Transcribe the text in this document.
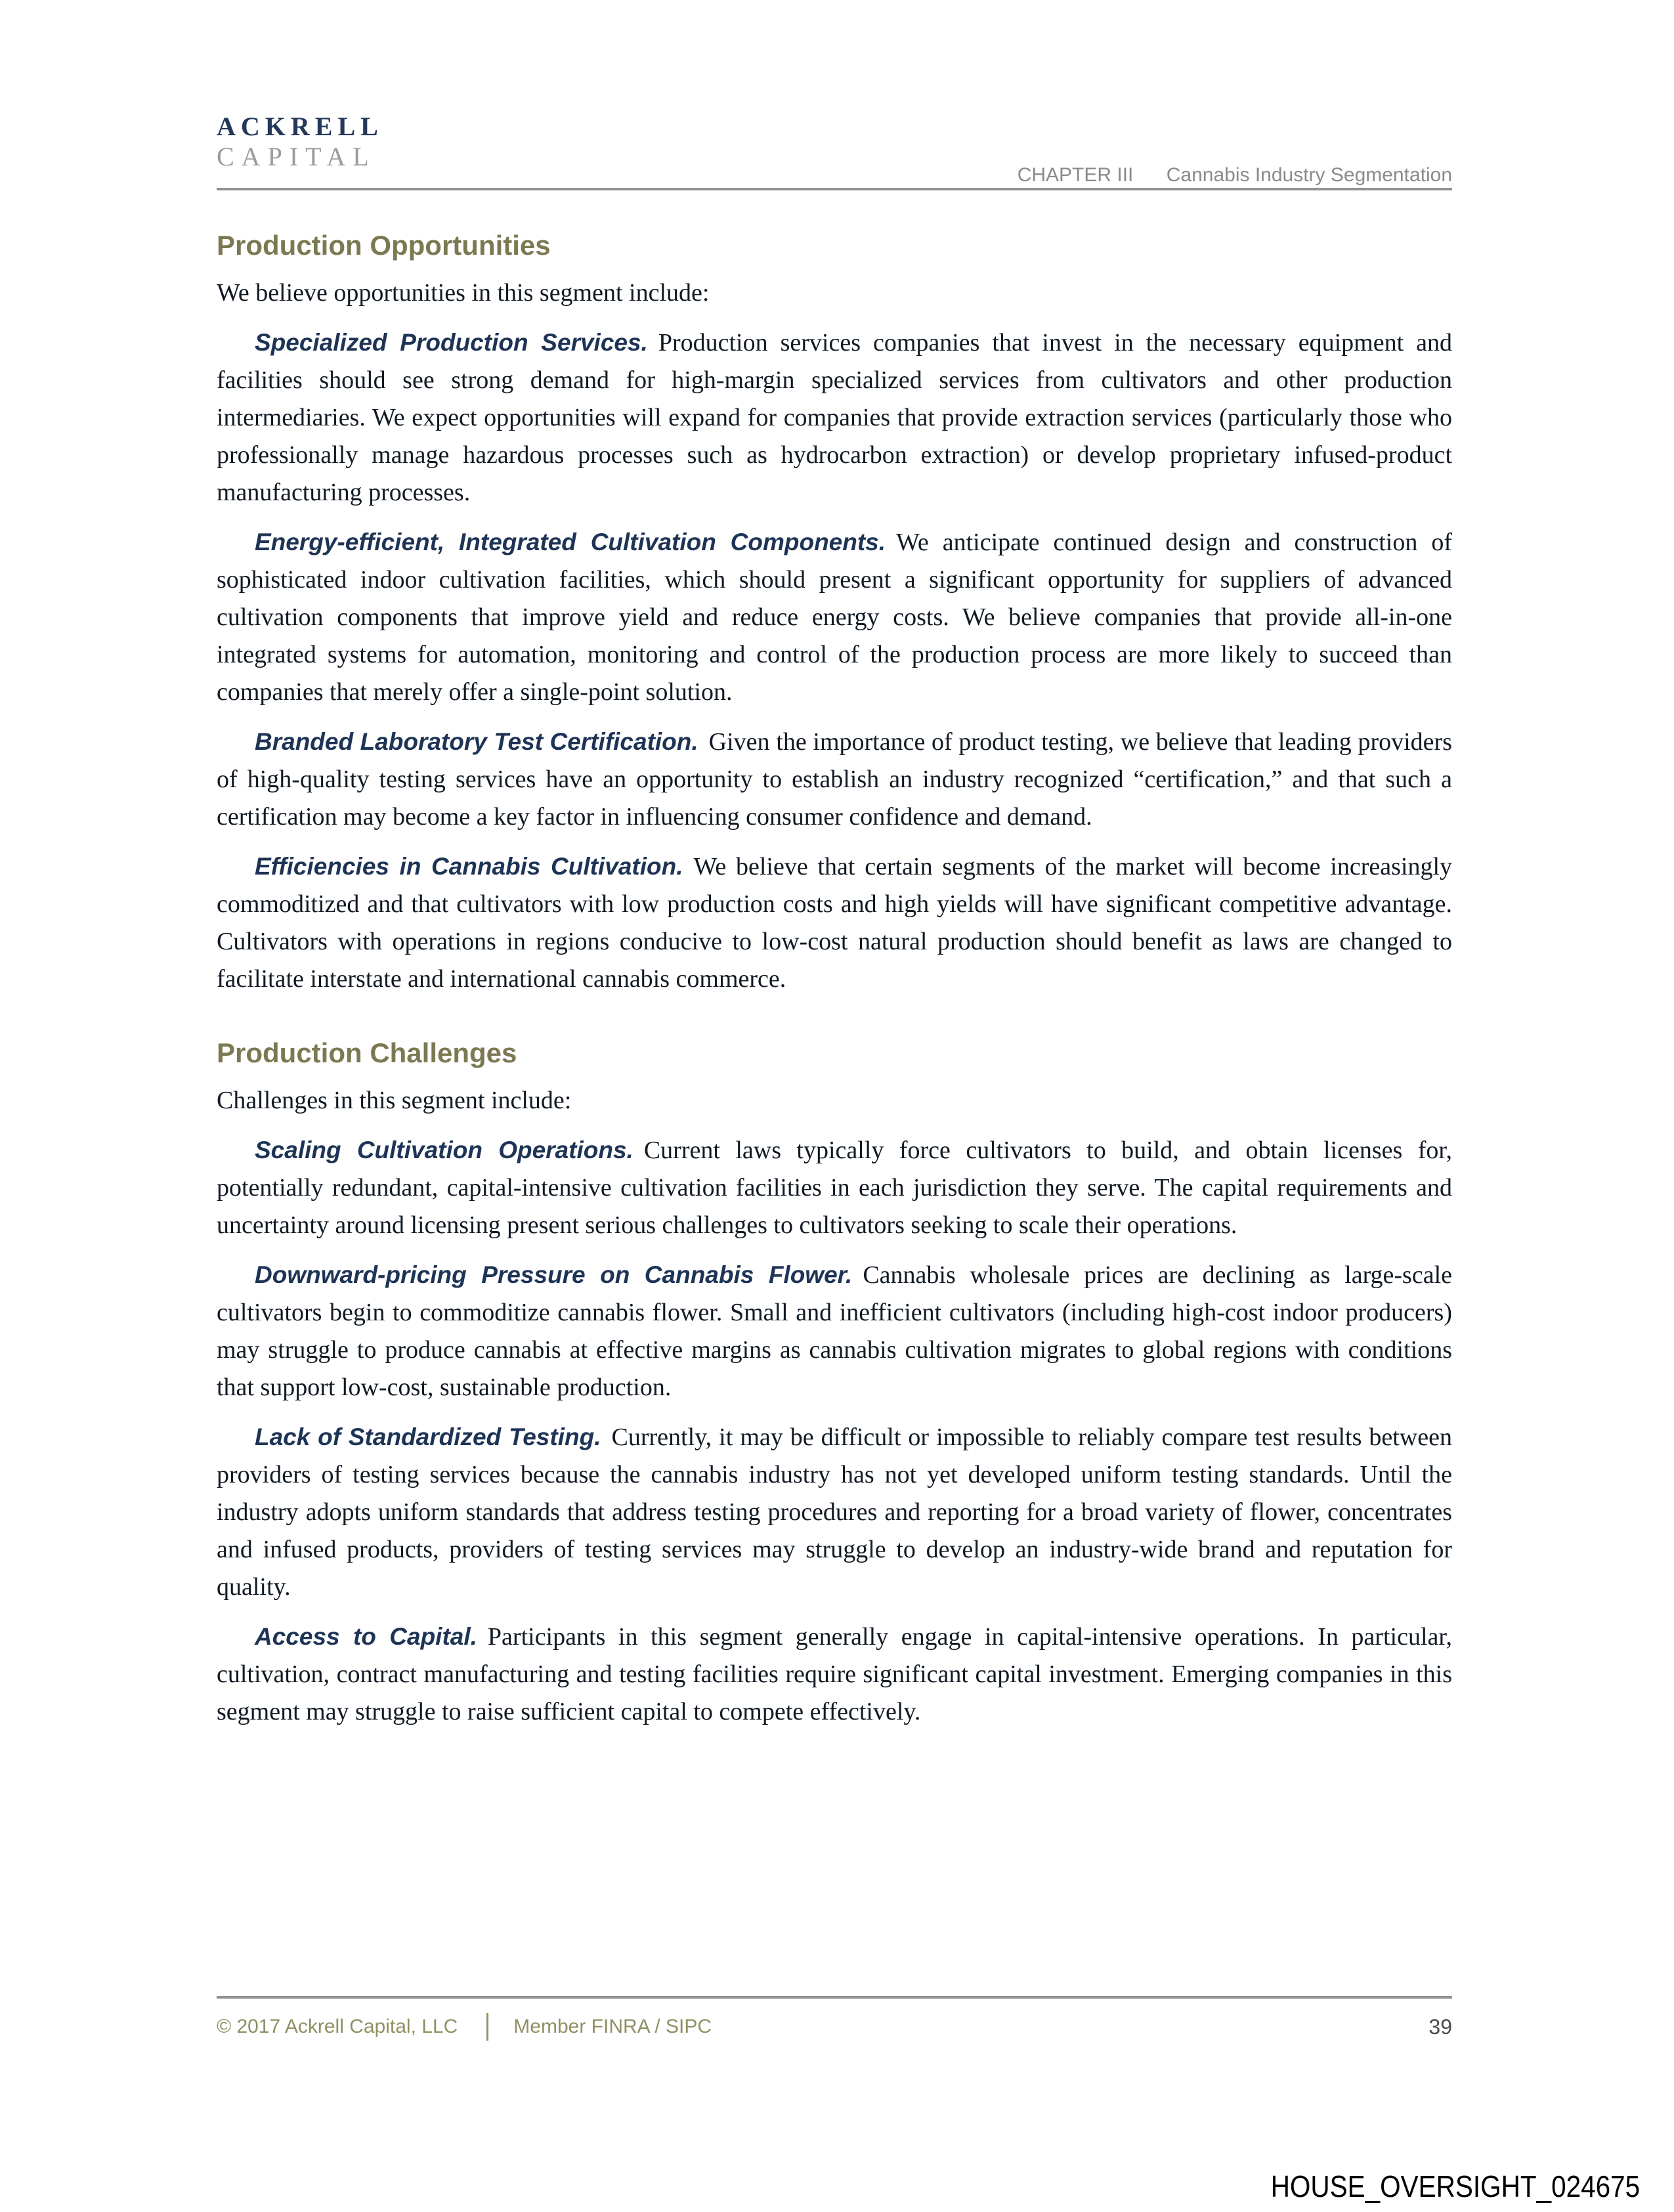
ACKRELL
CAPITAL
CHAPTER III Cannabis Industry Segmentation
Production Opportunities

We believe opportunities in this segment include:

Specialized Production Services. Production services companies that invest in the necessary equipment and facilities should see strong demand for high-margin specialized services from cultivators and other production intermediaries. We expect opportunities will expand for companies that provide extraction services (particularly those who professionally manage hazardous processes such as hydrocarbon extraction) or develop proprietary infused-product manufacturing processes.

Energy-efficient, Integrated Cultivation Components. We anticipate continued design and construction of sophisticated indoor cultivation facilities, which should present a significant opportunity for suppliers of advanced cultivation components that improve yield and reduce energy costs. We believe companies that provide all-in-one integrated systems for automation, monitoring and control of the production process are more likely to succeed than companies that merely offer a single-point solution.

Branded Laboratory Test Certification. Given the importance of product testing, we believe that leading providers of high-quality testing services have an opportunity to establish an industry recognized “certification,” and that such a certification may become a key factor in influencing consumer confidence and demand.

Efficiencies in Cannabis Cultivation. We believe that certain segments of the market will become increasingly commoditized and that cultivators with low production costs and high yields will have significant competitive advantage. Cultivators with operations in regions conducive to low-cost natural production should benefit as laws are changed to facilitate interstate and international cannabis commerce.

Production Challenges

Challenges in this segment include:

Scaling Cultivation Operations. Current laws typically force cultivators to build, and obtain licenses for, potentially redundant, capital-intensive cultivation facilities in each jurisdiction they serve. The capital requirements and uncertainty around licensing present serious challenges to cultivators seeking to scale their operations.

Downward-pricing Pressure on Cannabis Flower. Cannabis wholesale prices are declining as large-scale cultivators begin to commoditize cannabis flower. Small and inefficient cultivators (including high-cost indoor producers) may struggle to produce cannabis at effective margins as cannabis cultivation migrates to global regions with conditions that support low-cost, sustainable production.

Lack of Standardized Testing. Currently, it may be difficult or impossible to reliably compare test results between providers of testing services because the cannabis industry has not yet developed uniform testing standards. Until the industry adopts uniform standards that address testing procedures and reporting for a broad variety of flower, concentrates and infused products, providers of testing services may struggle to develop an industry-wide brand and reputation for quality.

Access to Capital. Participants in this segment generally engage in capital-intensive operations. In particular, cultivation, contract manufacturing and testing facilities require significant capital investment. Emerging companies in this segment may struggle to raise sufficient capital to compete effectively.

© 2017 Ackrell Capital, LLC	Member FINRA / SIPC	39
HOUSE_OVERSIGHT_024675
